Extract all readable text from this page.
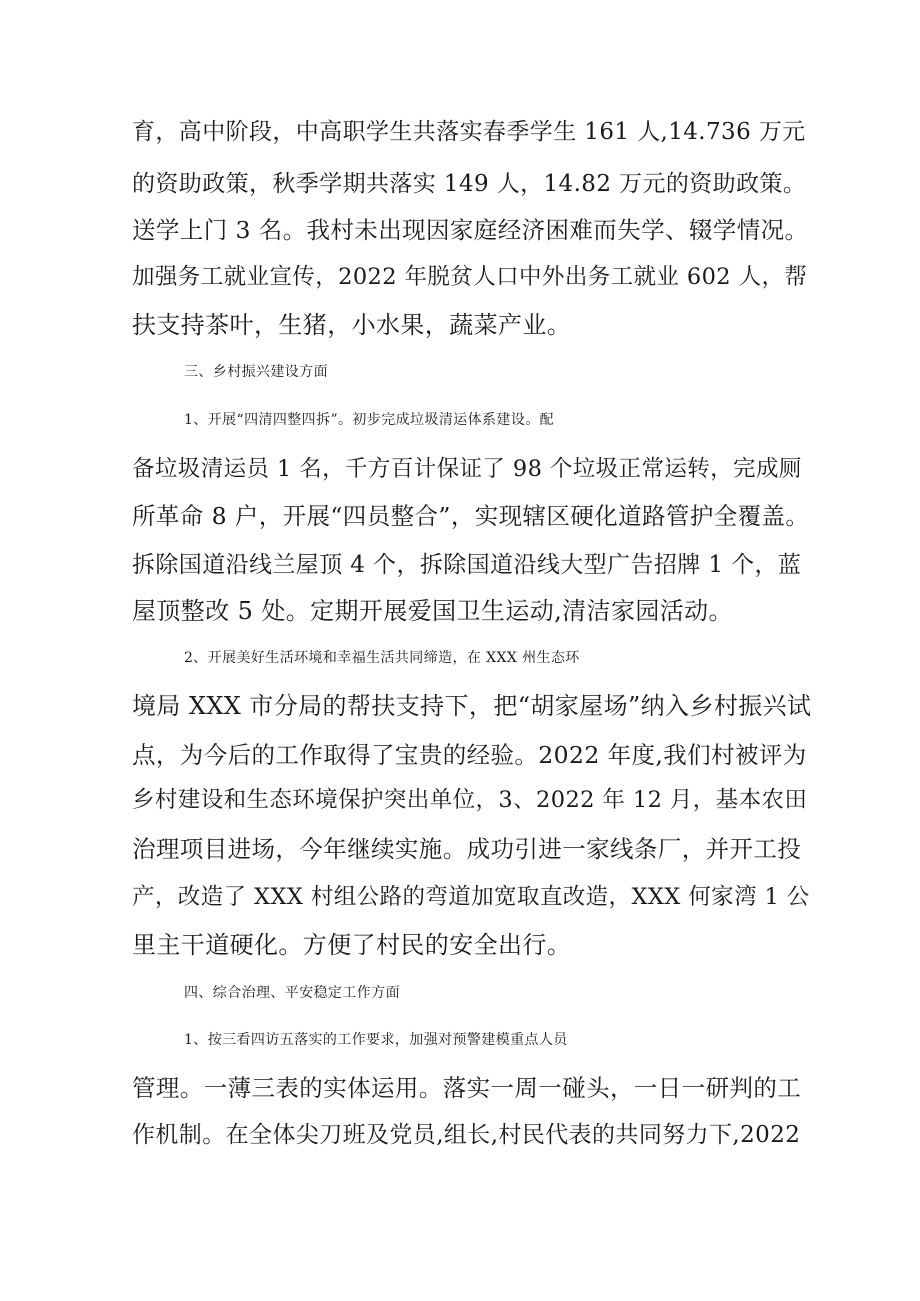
育，高中阶段，中高职学生共落实春季学生 161 人,14.736 万元
的资助政策，秋季学期共落实 149 人，14.82 万元的资助政策。
送学上门 3 名。我村未出现因家庭经济困难而失学、辍学情况。
加强务工就业宣传，2022 年脱贫人口中外出务工就业 602 人，帮
扶支持茶叶，生猪，小水果，蔬菜产业。
三、乡村振兴建设方面
1、开展“四清四整四拆”。初步完成垃圾清运体系建设。配
备垃圾清运员 1 名，千方百计保证了 98 个垃圾正常运转，完成厕
所革命 8 户，开展“四员整合”，实现辖区硬化道路管护全覆盖。
拆除国道沿线兰屋顶 4 个，拆除国道沿线大型广告招牌 1 个，蓝
屋顶整改 5 处。定期开展爱国卫生运动,清洁家园活动。
2、开展美好生活环境和幸福生活共同缔造，在 XXX 州生态环
境局 XXX 市分局的帮扶支持下，把“胡家屋场”纳入乡村振兴试
点，为今后的工作取得了宝贵的经验。2022 年度,我们村被评为
乡村建设和生态环境保护突出单位，3、2022 年 12 月，基本农田
治理项目进场，今年继续实施。成功引进一家线条厂，并开工投
产，改造了 XXX 村组公路的弯道加宽取直改造，XXX 何家湾 1 公
里主干道硬化。方便了村民的安全出行。
四、综合治理、平安稳定工作方面
1、按三看四访五落实的工作要求，加强对预警建模重点人员
管理。一薄三表的实体运用。落实一周一碰头，一日一研判的工
作机制。在全体尖刀班及党员,组长,村民代表的共同努力下,2022
